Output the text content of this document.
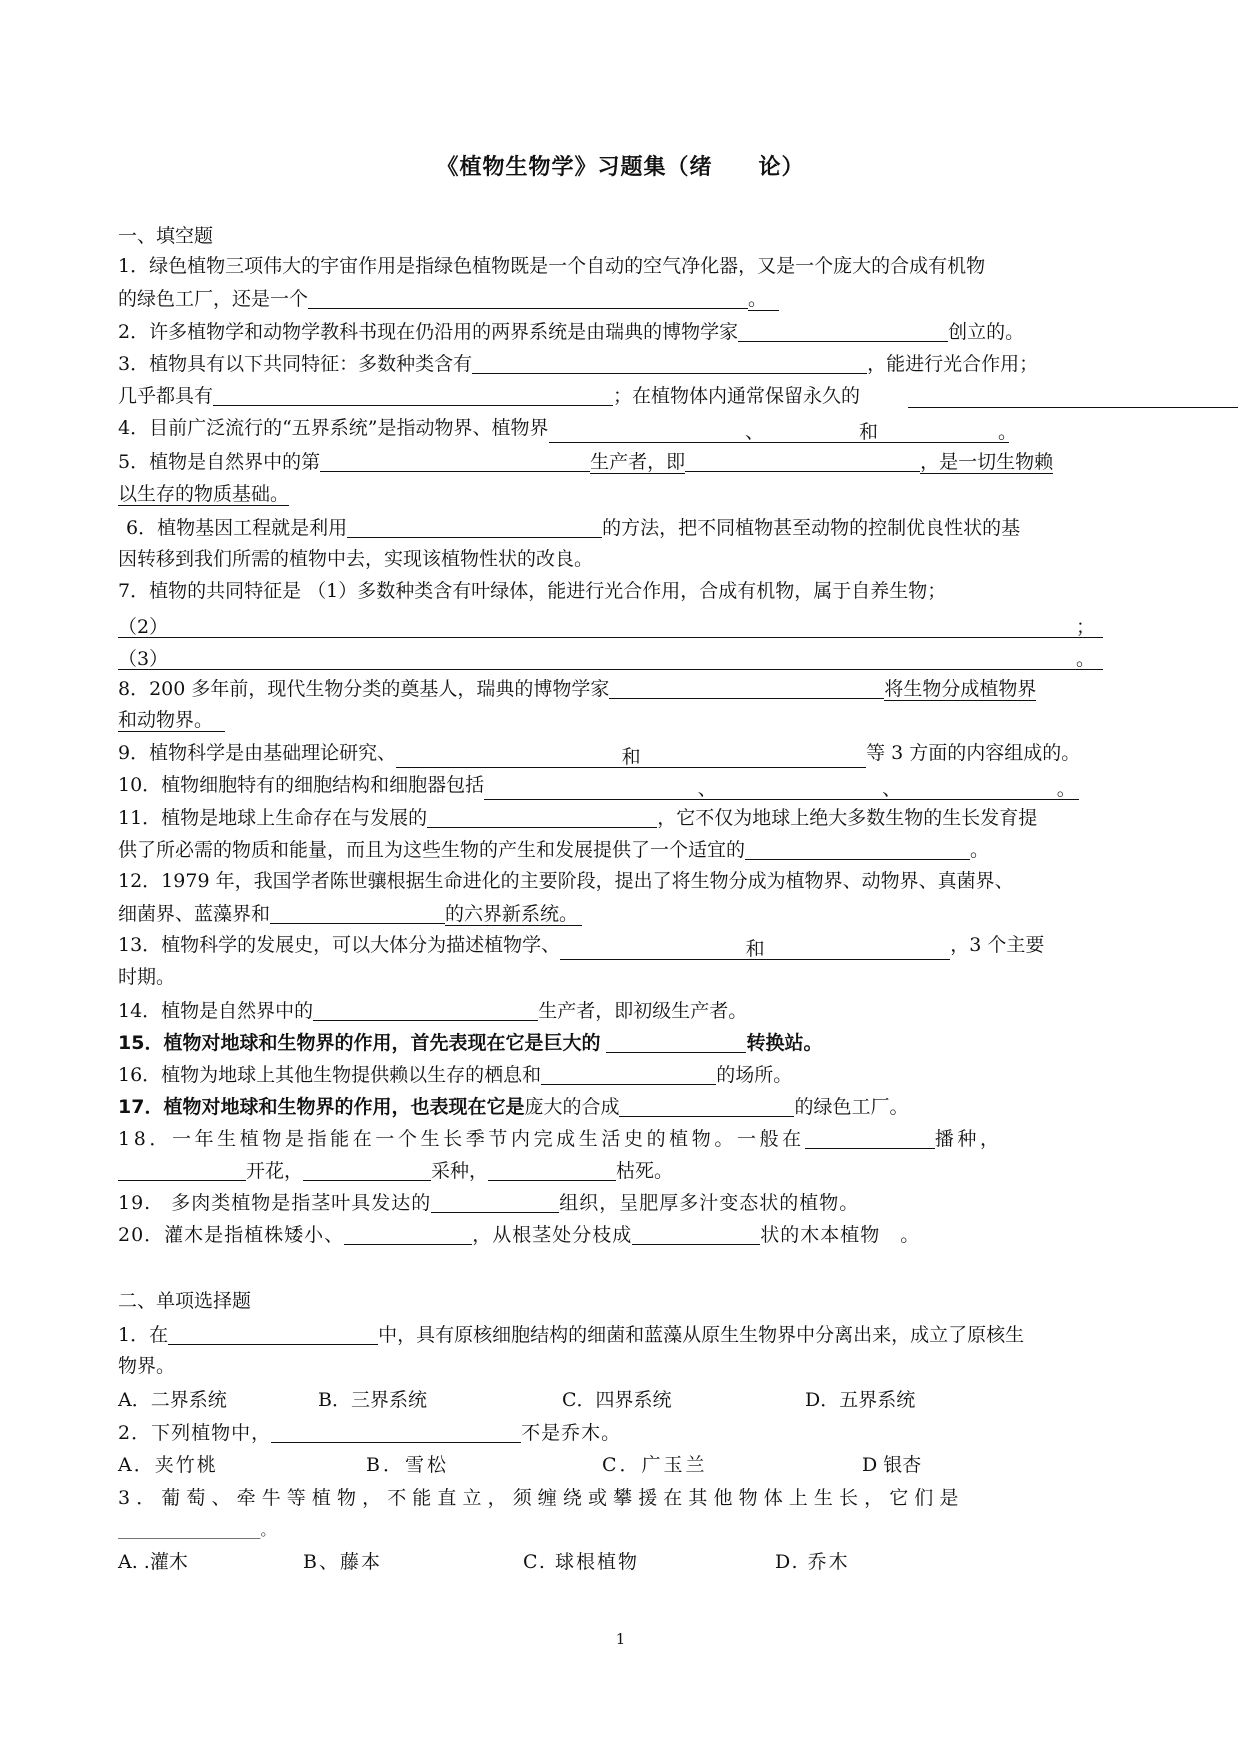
《植物生物学》习题集（绪　　论）
一、填空题
1．绿色植物三项伟大的宇宙作用是指绿色植物既是一个自动的空气净化器，又是一个庞大的合成有机物
的绿色工厂，还是一个	。
2．许多植物学和动物学教科书现在仍沿用的两界系统是由瑞典的博物学家	创立的。
3．植物具有以下共同特征：多数种类含有	，能进行光合作用；
几乎都具有	；在植物体内通常保留永久的
4．目前广泛流行的“五界系统”是指动物界、植物界	、	和	。
5．植物是自然界中的第	生产者，即	，是一切生物赖
以生存的物质基础。
6．植物基因工程就是利用	的方法，把不同植物甚至动物的控制优良性状的基
因转移到我们所需的植物中去，实现该植物性状的改良。
7．植物的共同特征是 （1）多数种类含有叶绿体，能进行光合作用，合成有机物，属于自养生物；
（2）	；
（3）	。
8．200 多年前，现代生物分类的奠基人，瑞典的博物学家	将生物分成植物界
和动物界。
9．植物科学是由基础理论研究、	和	等 3 方面的内容组成的。
10．植物细胞特有的细胞结构和细胞器包括	、	、	。
11．植物是地球上生命存在与发展的	，它不仅为地球上绝大多数生物的生长发育提
供了所必需的物质和能量，而且为这些生物的产生和发展提供了一个适宜的	。
12．1979 年，我国学者陈世骧根据生命进化的主要阶段，提出了将生物分成为植物界、动物界、真菌界、
细菌界、蓝藻界和	的六界新系统。
13．植物科学的发展史，可以大体分为描述植物学、	和	，3 个主要
时期。
14．植物是自然界中的	生产者，即初级生产者。
15．植物对地球和生物界的作用，首先表现在它是巨大的	转换站。
16．植物为地球上其他生物提供赖以生存的栖息和	的场所。
17．植物对地球和生物界的作用，也表现在它是庞大的合成	的绿色工厂。
18．一年生植物是指能在一个生长季节内完成生活史的植物。一般在	播种，
开花，	采种，	枯死。
19.　多肉类植物是指茎叶具发达的	组织，呈肥厚多汁变态状的植物。
20．灌木是指植株矮小、	，从根茎处分枝成	状的木本植物　。
二、单项选择题
1．在	中，具有原核细胞结构的细菌和蓝藻从原生生物界中分离出来，成立了原核生
物界。
A．二界系统	B．三界系统	C．四界系统	D．五界系统
2．下列植物中，	不是乔木。
A．夹竹桃	B．雪松	C．广玉兰	D 银杏
3．葡萄、牵牛等植物，不能直立，须缠绕或攀援在其他物体上生长，它们是
___________________。
A. .灌木	B、藤本	C. 球根植物	D. 乔木
1
